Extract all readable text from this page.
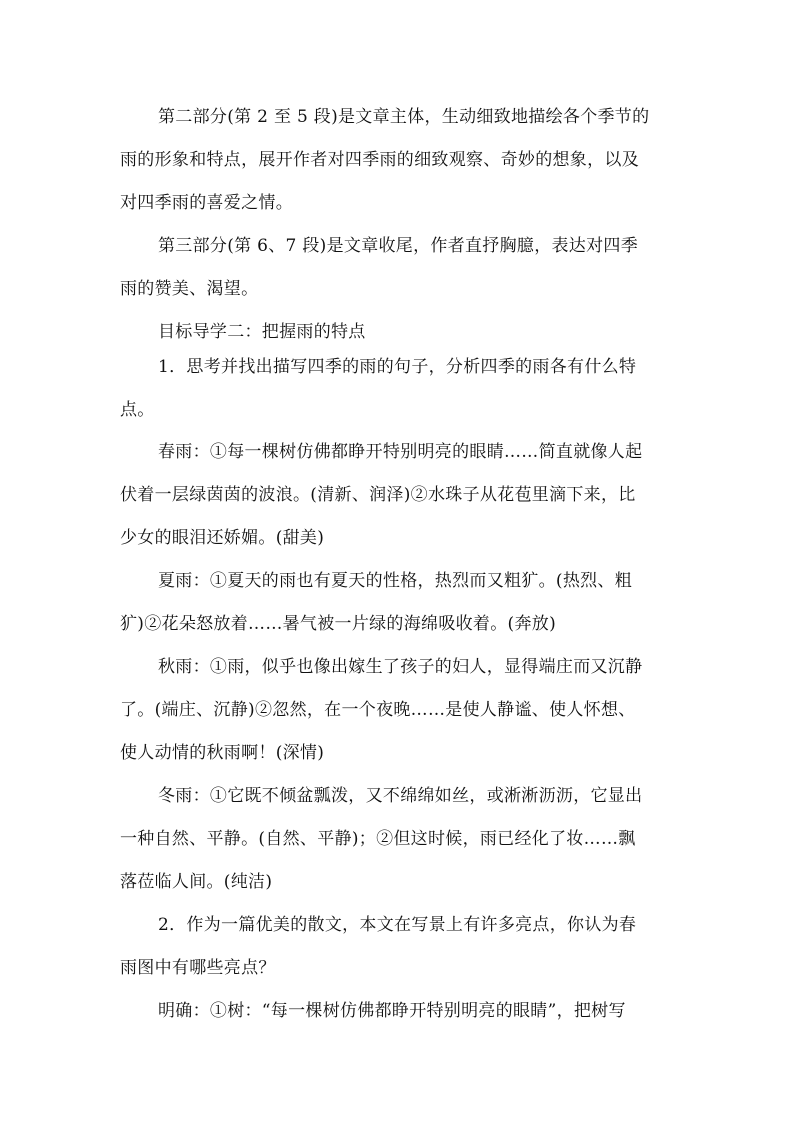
第二部分(第 2 至 5 段)是文章主体，生动细致地描绘各个季节的
雨的形象和特点，展开作者对四季雨的细致观察、奇妙的想象，以及
对四季雨的喜爱之情。
第三部分(第 6、7 段)是文章收尾，作者直抒胸臆，表达对四季
雨的赞美、渴望。
目标导学二：把握雨的特点
1．思考并找出描写四季的雨的句子，分析四季的雨各有什么特
点。
春雨：①每一棵树仿佛都睁开特别明亮的眼睛……简直就像人起
伏着一层绿茵茵的波浪。(清新、润泽)②水珠子从花苞里滴下来，比
少女的眼泪还娇媚。(甜美)
夏雨：①夏天的雨也有夏天的性格，热烈而又粗犷。(热烈、粗
犷)②花朵怒放着……暑气被一片绿的海绵吸收着。(奔放)
秋雨：①雨，似乎也像出嫁生了孩子的妇人，显得端庄而又沉静
了。(端庄、沉静)②忽然，在一个夜晚……是使人静谧、使人怀想、
使人动情的秋雨啊！(深情)
冬雨：①它既不倾盆瓢泼，又不绵绵如丝，或淅淅沥沥，它显出
一种自然、平静。(自然、平静)；②但这时候，雨已经化了妆……飘
落莅临人间。(纯洁)
2．作为一篇优美的散文，本文在写景上有许多亮点，你认为春
雨图中有哪些亮点？
明确：①树：“每一棵树仿佛都睁开特别明亮的眼睛”，把树写
